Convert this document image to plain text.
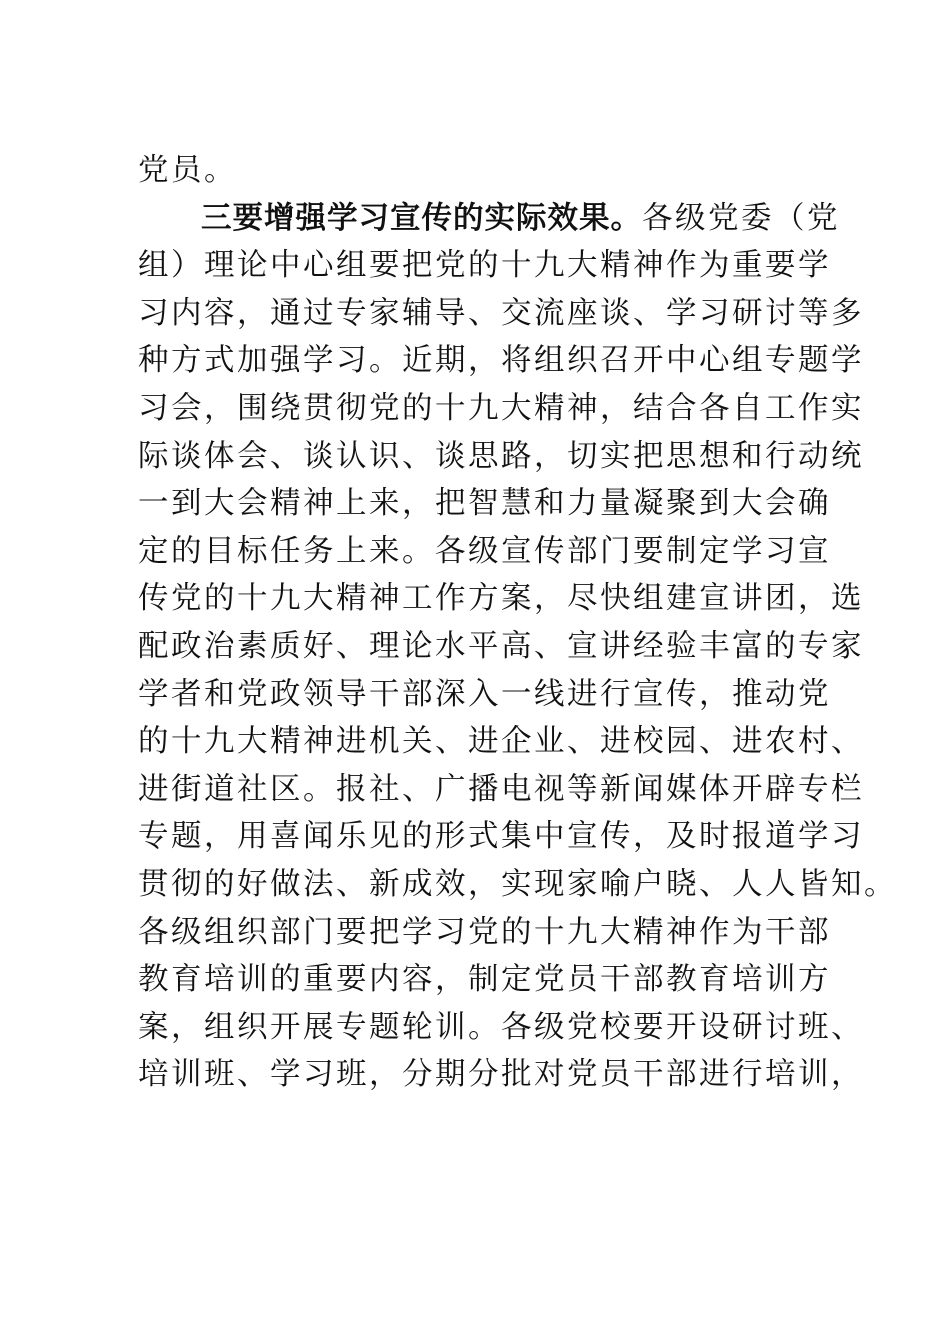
党员。
三要增强学习宣传的实际效果。各级党委（党
组）理论中心组要把党的十九大精神作为重要学
习内容，通过专家辅导、交流座谈、学习研讨等多
种方式加强学习。近期，将组织召开中心组专题学
习会，围绕贯彻党的十九大精神，结合各自工作实
际谈体会、谈认识、谈思路，切实把思想和行动统
一到大会精神上来，把智慧和力量凝聚到大会确
定的目标任务上来。各级宣传部门要制定学习宣
传党的十九大精神工作方案，尽快组建宣讲团，选
配政治素质好、理论水平高、宣讲经验丰富的专家
学者和党政领导干部深入一线进行宣传，推动党
的十九大精神进机关、进企业、进校园、进农村、
进街道社区。报社、广播电视等新闻媒体开辟专栏
专题，用喜闻乐见的形式集中宣传，及时报道学习
贯彻的好做法、新成效，实现家喻户晓、人人皆知。
各级组织部门要把学习党的十九大精神作为干部
教育培训的重要内容，制定党员干部教育培训方
案，组织开展专题轮训。各级党校要开设研讨班、
培训班、学习班，分期分批对党员干部进行培训，
